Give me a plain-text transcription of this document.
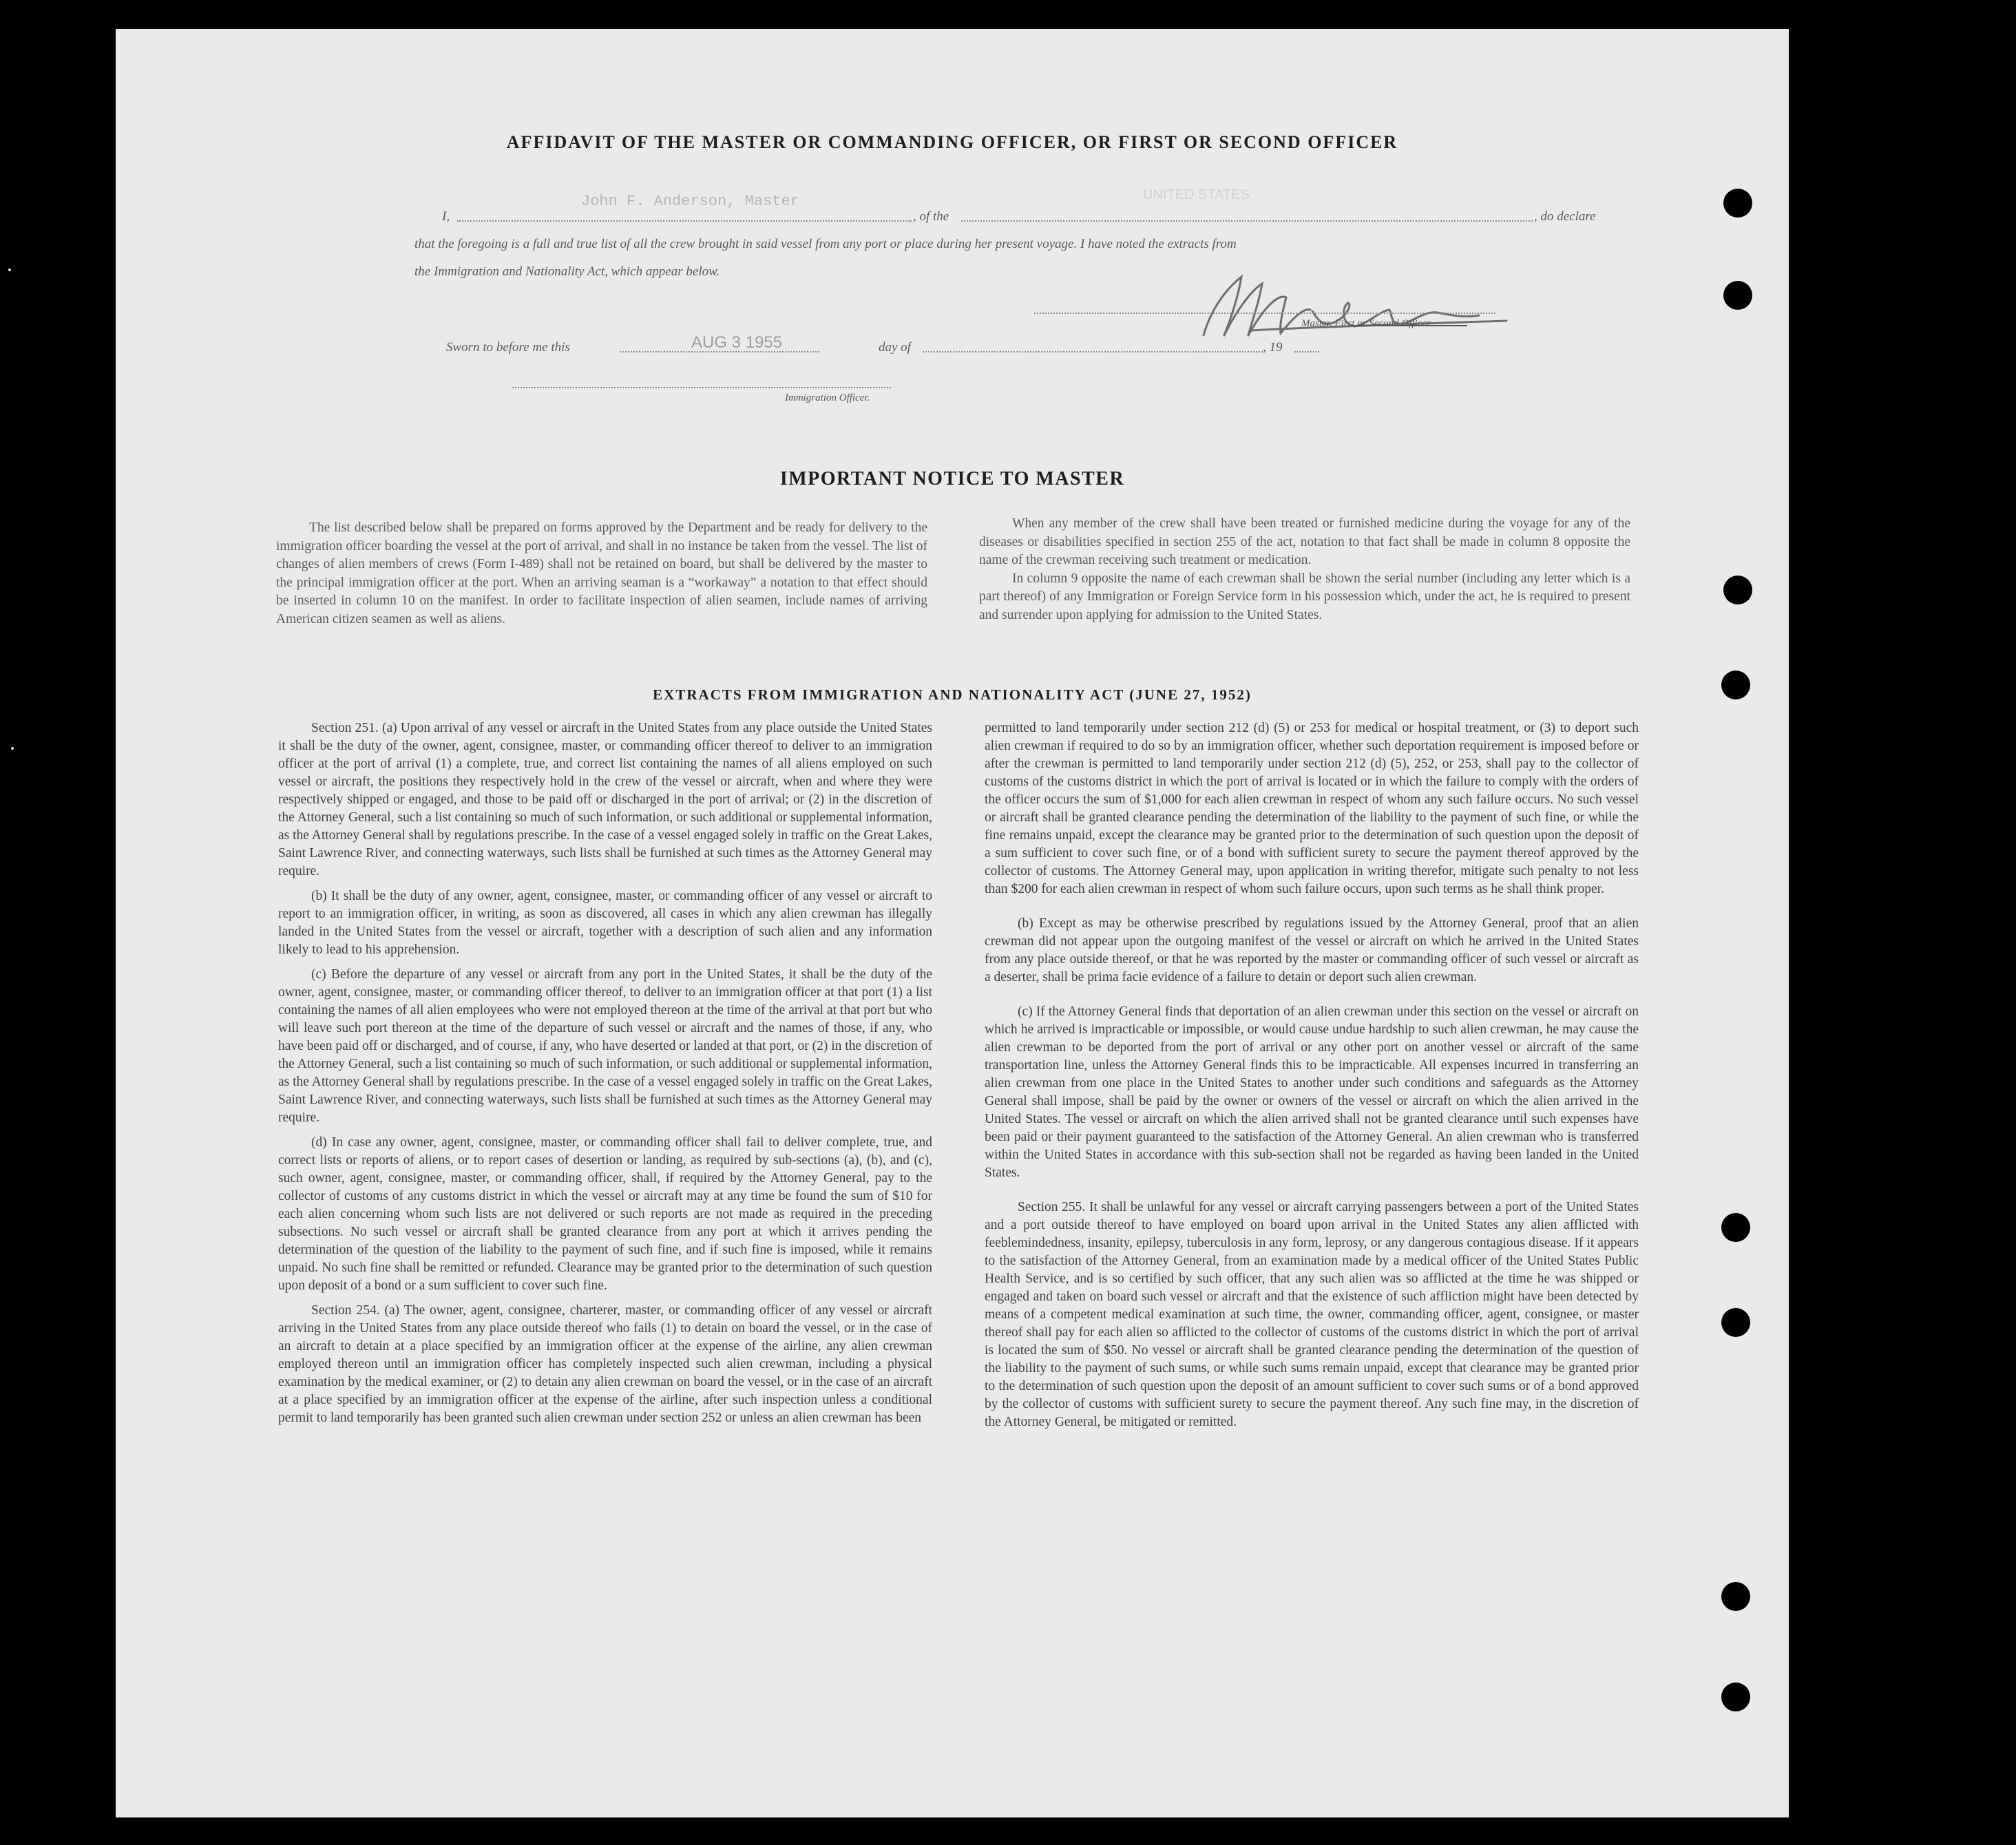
AFFIDAVIT OF THE MASTER OR COMMANDING OFFICER, OR FIRST OR SECOND OFFICER
I,
John F. Anderson, Master
, of the
UNITED STATES
, do declare
that the foregoing is a full and true list of all the crew brought in said vessel from any port or place during her present voyage. I have noted the extracts from
the Immigration and Nationality Act, which appear below.
Master, First or Second Officer.
Sworn to before me this	AUG 3 1955	day of	, 19
Immigration Officer.
IMPORTANT NOTICE TO MASTER

The list described below shall be prepared on forms approved by the Department and be ready for delivery to the immigration officer boarding the vessel at the port of arrival, and shall in no instance be taken from the vessel. The list of changes of alien members of crews (Form I-489) shall not be retained on board, but shall be delivered by the master to the principal immigration officer at the port. When an arriving seaman is a “workaway” a notation to that effect should be inserted in column 10 on the manifest. In order to facilitate inspection of alien seamen, include names of arriving American citizen seamen as well as aliens.

When any member of the crew shall have been treated or furnished medicine during the voyage for any of the diseases or disabilities specified in section 255 of the act, notation to that fact shall be made in column 8 opposite the name of the crewman receiving such treatment or medication.

In column 9 opposite the name of each crewman shall be shown the serial number (including any letter which is a part thereof) of any Immigration or Foreign Service form in his possession which, under the act, he is required to present and surrender upon applying for admission to the United States.

EXTRACTS FROM IMMIGRATION AND NATIONALITY ACT (JUNE 27, 1952)

Section 251. (a) Upon arrival of any vessel or aircraft in the United States from any place outside the United States it shall be the duty of the owner, agent, consignee, master, or commanding officer thereof to deliver to an immigration officer at the port of arrival (1) a complete, true, and correct list containing the names of all aliens employed on such vessel or aircraft, the positions they respectively hold in the crew of the vessel or aircraft, when and where they were respectively shipped or engaged, and those to be paid off or discharged in the port of arrival; or (2) in the discretion of the Attorney General, such a list containing so much of such information, or such additional or supplemental information, as the Attorney General shall by regulations prescribe. In the case of a vessel engaged solely in traffic on the Great Lakes, Saint Lawrence River, and connecting waterways, such lists shall be furnished at such times as the Attorney General may require.

(b) It shall be the duty of any owner, agent, consignee, master, or commanding officer of any vessel or aircraft to report to an immigration officer, in writing, as soon as discovered, all cases in which any alien crewman has illegally landed in the United States from the vessel or aircraft, together with a description of such alien and any information likely to lead to his apprehension.

(c) Before the departure of any vessel or aircraft from any port in the United States, it shall be the duty of the owner, agent, consignee, master, or commanding officer thereof, to deliver to an immigration officer at that port (1) a list containing the names of all alien employees who were not employed thereon at the time of the arrival at that port but who will leave such port thereon at the time of the departure of such vessel or aircraft and the names of those, if any, who have been paid off or discharged, and of course, if any, who have deserted or landed at that port, or (2) in the discretion of the Attorney General, such a list containing so much of such information, or such additional or supplemental information, as the Attorney General shall by regulations prescribe. In the case of a vessel engaged solely in traffic on the Great Lakes, Saint Lawrence River, and connecting waterways, such lists shall be furnished at such times as the Attorney General may require.

(d) In case any owner, agent, consignee, master, or commanding officer shall fail to deliver complete, true, and correct lists or reports of aliens, or to report cases of desertion or landing, as required by sub-sections (a), (b), and (c), such owner, agent, consignee, master, or commanding officer, shall, if required by the Attorney General, pay to the collector of customs of any customs district in which the vessel or aircraft may at any time be found the sum of $10 for each alien concerning whom such lists are not delivered or such reports are not made as required in the preceding subsections. No such vessel or aircraft shall be granted clearance from any port at which it arrives pending the determination of the question of the liability to the payment of such fine, and if such fine is imposed, while it remains unpaid. No such fine shall be remitted or refunded. Clearance may be granted prior to the determination of such question upon deposit of a bond or a sum sufficient to cover such fine.

Section 254. (a) The owner, agent, consignee, charterer, master, or commanding officer of any vessel or aircraft arriving in the United States from any place outside thereof who fails (1) to detain on board the vessel, or in the case of an aircraft to detain at a place specified by an immigration officer at the expense of the airline, any alien crewman employed thereon until an immigration officer has completely inspected such alien crewman, including a physical examination by the medical examiner, or (2) to detain any alien crewman on board the vessel, or in the case of an aircraft at a place specified by an immigration officer at the expense of the airline, after such inspection unless a conditional permit to land temporarily has been granted such alien crewman under section 252 or unless an alien crewman has been

permitted to land temporarily under section 212 (d) (5) or 253 for medical or hospital treatment, or (3) to deport such alien crewman if required to do so by an immigration officer, whether such deportation requirement is imposed before or after the crewman is permitted to land temporarily under section 212 (d) (5), 252, or 253, shall pay to the collector of customs of the customs district in which the port of arrival is located or in which the failure to comply with the orders of the officer occurs the sum of $1,000 for each alien crewman in respect of whom any such failure occurs. No such vessel or aircraft shall be granted clearance pending the determination of the liability to the payment of such fine, or while the fine remains unpaid, except the clearance may be granted prior to the determination of such question upon the deposit of a sum sufficient to cover such fine, or of a bond with sufficient surety to secure the payment thereof approved by the collector of customs. The Attorney General may, upon application in writing therefor, mitigate such penalty to not less than $200 for each alien crewman in respect of whom such failure occurs, upon such terms as he shall think proper.

(b) Except as may be otherwise prescribed by regulations issued by the Attorney General, proof that an alien crewman did not appear upon the outgoing manifest of the vessel or aircraft on which he arrived in the United States from any place outside thereof, or that he was reported by the master or commanding officer of such vessel or aircraft as a deserter, shall be prima facie evidence of a failure to detain or deport such alien crewman.

(c) If the Attorney General finds that deportation of an alien crewman under this section on the vessel or aircraft on which he arrived is impracticable or impossible, or would cause undue hardship to such alien crewman, he may cause the alien crewman to be deported from the port of arrival or any other port on another vessel or aircraft of the same transportation line, unless the Attorney General finds this to be impracticable. All expenses incurred in transferring an alien crewman from one place in the United States to another under such conditions and safeguards as the Attorney General shall impose, shall be paid by the owner or owners of the vessel or aircraft on which the alien arrived in the United States. The vessel or aircraft on which the alien arrived shall not be granted clearance until such expenses have been paid or their payment guaranteed to the satisfaction of the Attorney General. An alien crewman who is transferred within the United States in accordance with this sub-section shall not be regarded as having been landed in the United States.

Section 255. It shall be unlawful for any vessel or aircraft carrying passengers between a port of the United States and a port outside thereof to have employed on board upon arrival in the United States any alien afflicted with feeblemindedness, insanity, epilepsy, tuberculosis in any form, leprosy, or any dangerous contagious disease. If it appears to the satisfaction of the Attorney General, from an examination made by a medical officer of the United States Public Health Service, and is so certified by such officer, that any such alien was so afflicted at the time he was shipped or engaged and taken on board such vessel or aircraft and that the existence of such affliction might have been detected by means of a competent medical examination at such time, the owner, commanding officer, agent, consignee, or master thereof shall pay for each alien so afflicted to the collector of customs of the customs district in which the port of arrival is located the sum of $50. No vessel or aircraft shall be granted clearance pending the determination of the question of the liability to the payment of such sums, or while such sums remain unpaid, except that clearance may be granted prior to the determination of such question upon the deposit of an amount sufficient to cover such sums or of a bond approved by the collector of customs with sufficient surety to secure the payment thereof. Any such fine may, in the discretion of the Attorney General, be mitigated or remitted.
